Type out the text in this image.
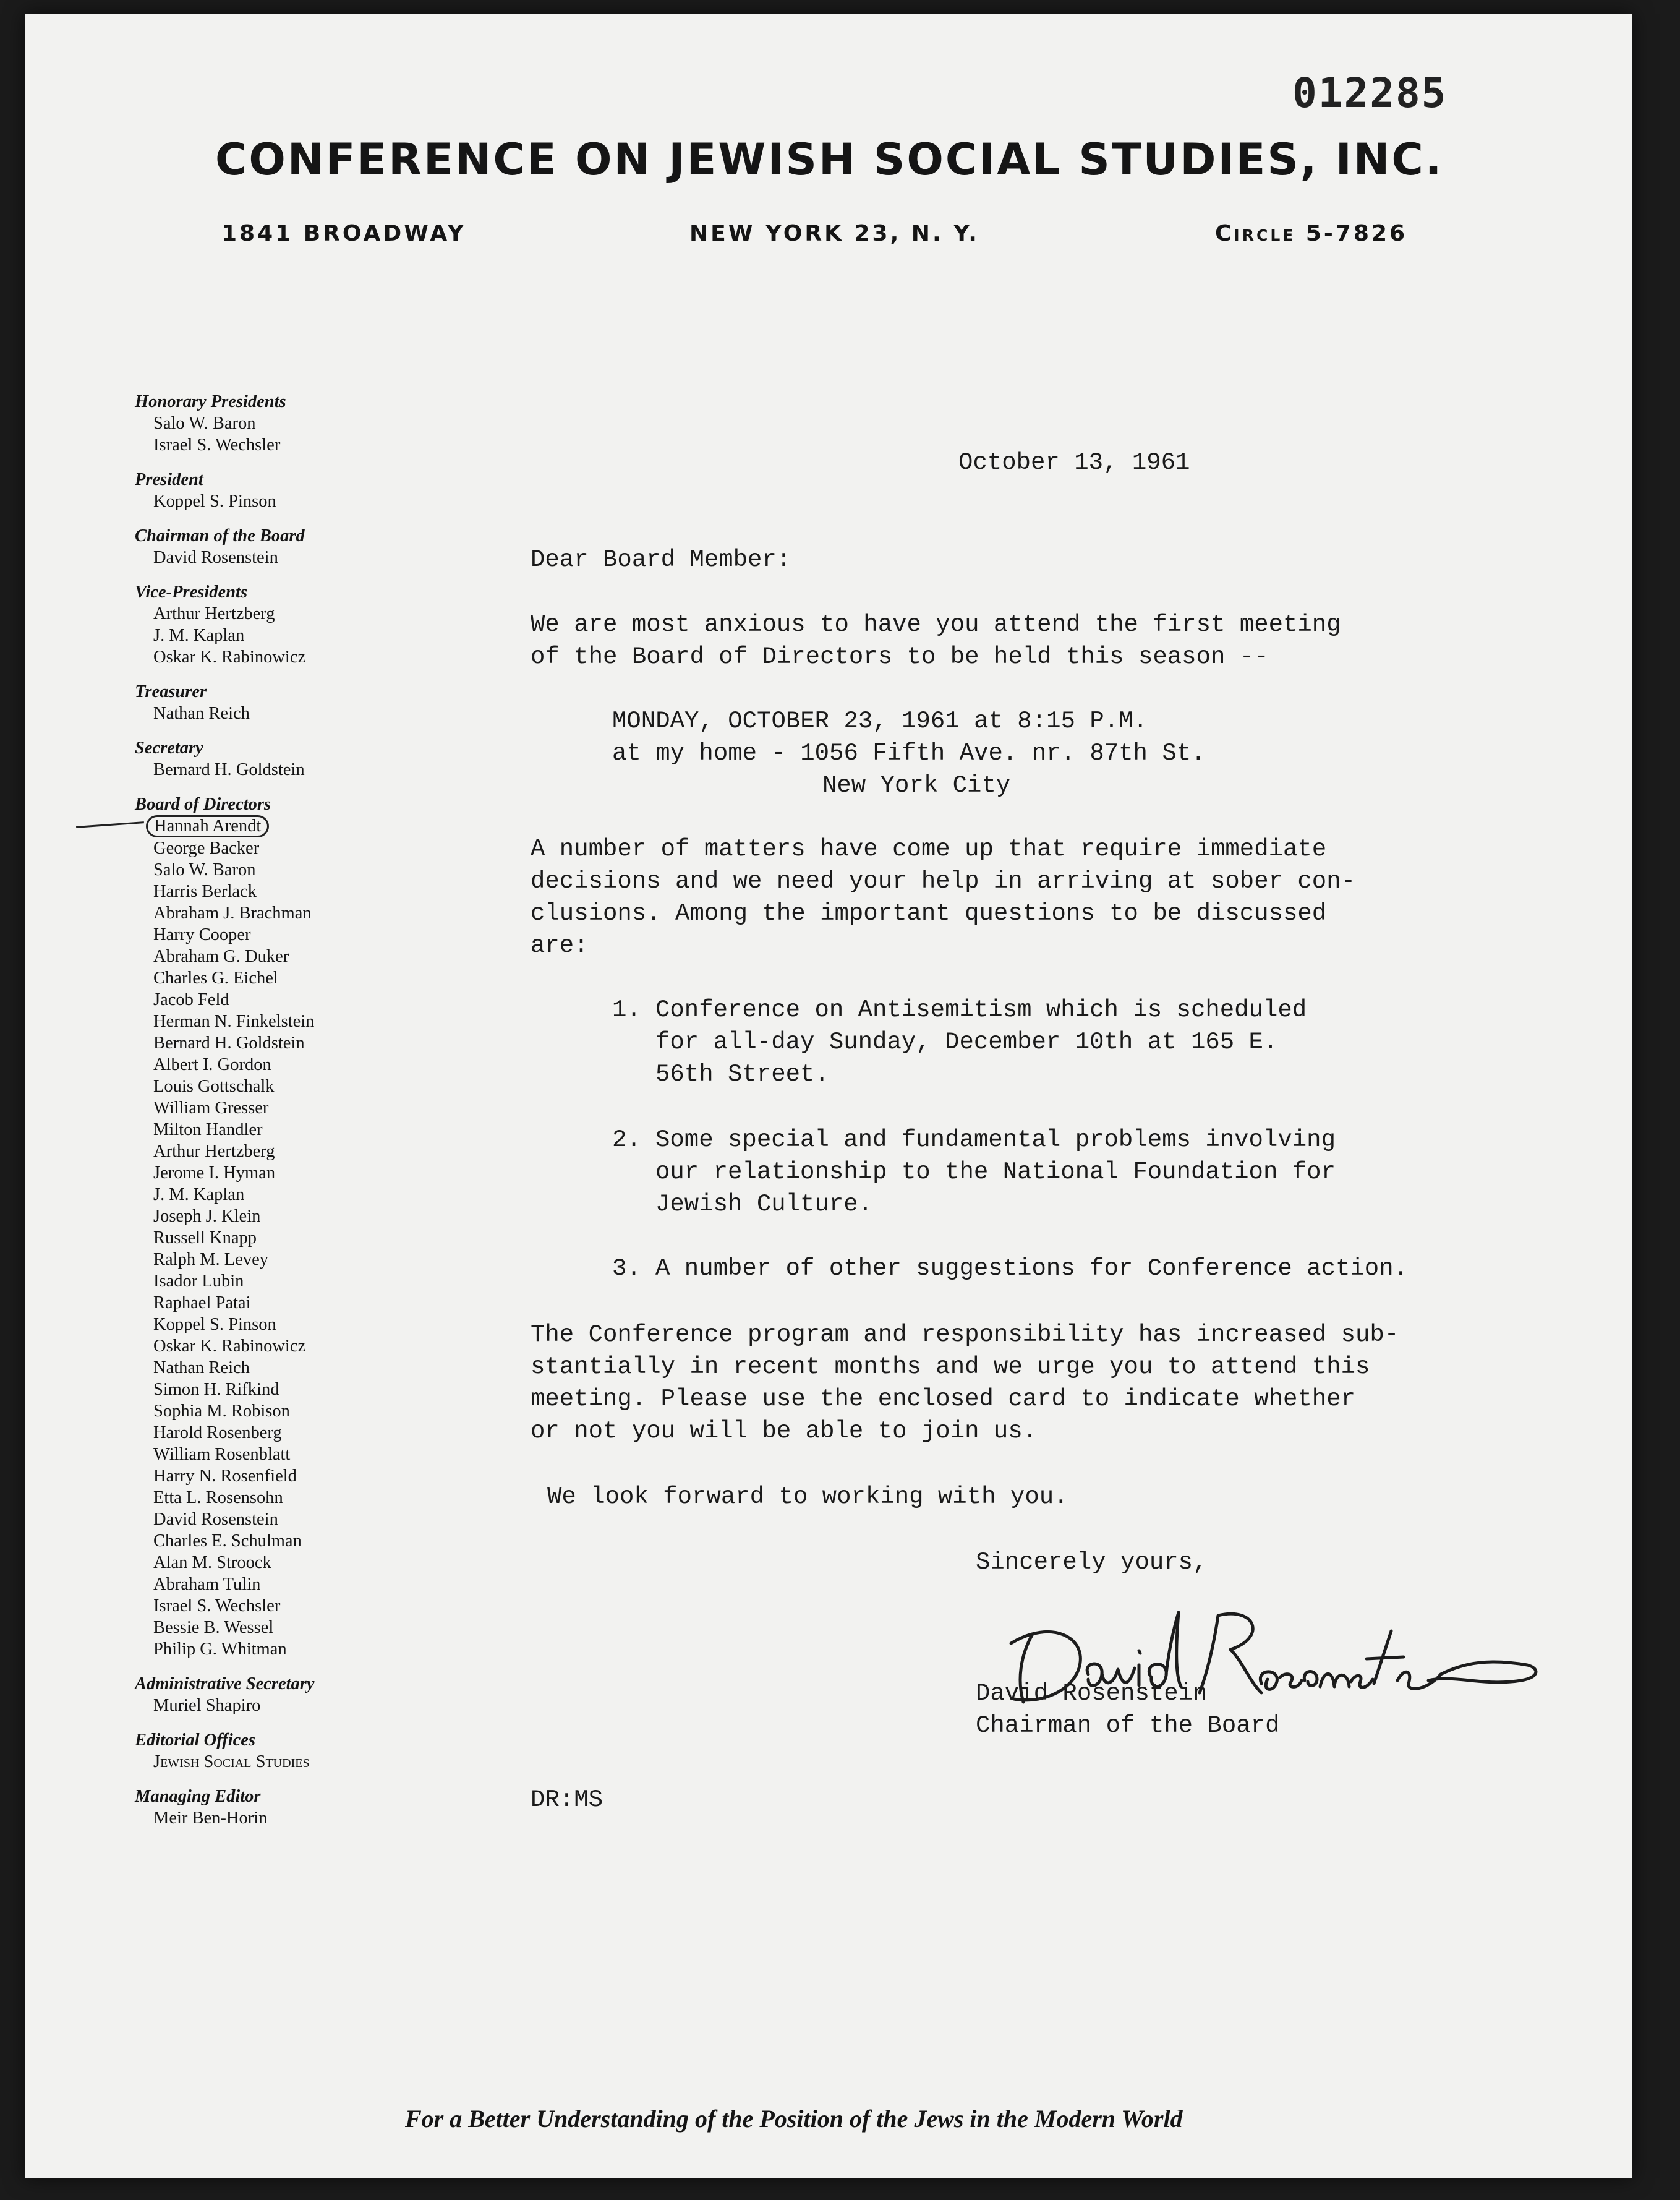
012285
CONFERENCE ON JEWISH SOCIAL STUDIES, INC.
1841 BROADWAY	NEW YORK 23, N. Y.	Circle 5-7826
Honorary Presidents
Salo W. Baron
Israel S. Wechsler
President
Koppel S. Pinson
Chairman of the Board
David Rosenstein
Vice-Presidents
Arthur Hertzberg
J. M. Kaplan
Oskar K. Rabinowicz
Treasurer
Nathan Reich
Secretary
Bernard H. Goldstein
Board of Directors
Hannah Arendt
George Backer
Salo W. Baron
Harris Berlack
Abraham J. Brachman
Harry Cooper
Abraham G. Duker
Charles G. Eichel
Jacob Feld
Herman N. Finkelstein
Bernard H. Goldstein
Albert I. Gordon
Louis Gottschalk
William Gresser
Milton Handler
Arthur Hertzberg
Jerome I. Hyman
J. M. Kaplan
Joseph J. Klein
Russell Knapp
Ralph M. Levey
Isador Lubin
Raphael Patai
Koppel S. Pinson
Oskar K. Rabinowicz
Nathan Reich
Simon H. Rifkind
Sophia M. Robison
Harold Rosenberg
William Rosenblatt
Harry N. Rosenfield
Etta L. Rosensohn
David Rosenstein
Charles E. Schulman
Alan M. Stroock
Abraham Tulin
Israel S. Wechsler
Bessie B. Wessel
Philip G. Whitman
Administrative Secretary
Muriel Shapiro
Editorial Offices
Jewish Social Studies
Managing Editor
Meir Ben-Horin
October 13, 1961
Dear Board Member:
We are most anxious to have you attend the first meeting
of the Board of Directors to be held this season --
MONDAY, OCTOBER 23, 1961 at 8:15 P.M.
at my home - 1056 Fifth Ave. nr. 87th St.
New York City
A number of matters have come up that require immediate
decisions and we need your help in arriving at sober con-
clusions. Among the important questions to be discussed
are:
1. Conference on Antisemitism which is scheduled
for all-day Sunday, December 10th at 165 E.
56th Street.
2. Some special and fundamental problems involving
our relationship to the National Foundation for
Jewish Culture.
3. A number of other suggestions for Conference action.
The Conference program and responsibility has increased sub-
stantially in recent months and we urge you to attend this
meeting. Please use the enclosed card to indicate whether
or not you will be able to join us.
We look forward to working with you.
Sincerely yours,
David Rosenstein
Chairman of the Board
DR:MS
For a Better Understanding of the Position of the Jews in the Modern World
